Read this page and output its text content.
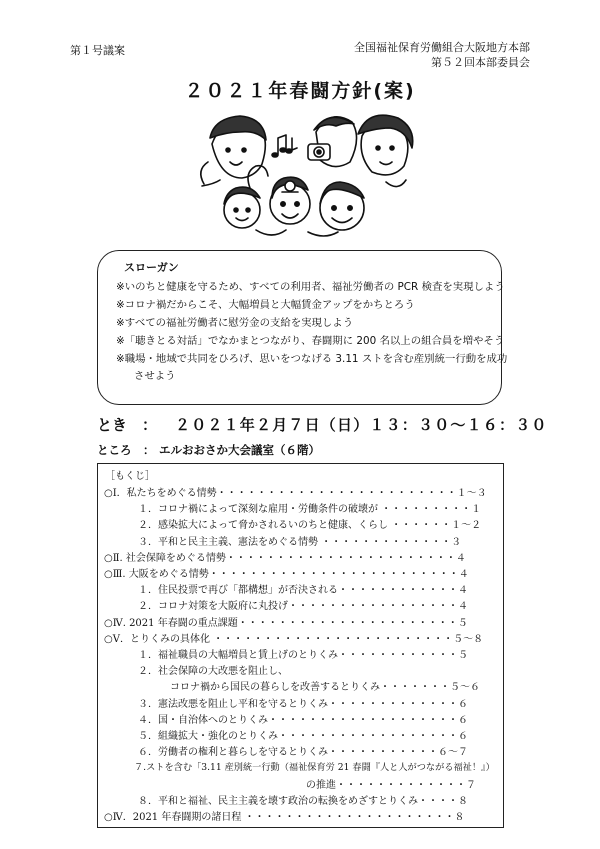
第１号議案	全国福祉保育労働組合大阪地方本部
第５２回本部委員会
２０２１年春闘方針(案)
スローガン
※いのちと健康を守るため、すべての利用者、福祉労働者の PCR 検査を実現しよう
※コロナ禍だからこそ、大幅増員と大幅賃金アップをかちとろう
※すべての福祉労働者に慰労金の支給を実現しよう
※「聴きとる対話」でなかまとつながり、春闘期に 200 名以上の組合員を増やそう
※職場・地域で共同をひろげ、思いをつなげる 3.11 ストを含む産別統一行動を成功
させよう
とき　： ２０２１年２月７日（日）１３：３０～１６：３０
ところ　： エルおおさか大会議室（６階）
［もくじ］
○Ⅰ．私たちをめぐる情勢・・・・・・・・・・・・・・・・・・・・・・・・１～３
１．コロナ禍によって深刻な雇用・労働条件の破壊が ・・・・・・・・・１
２．感染拡大によって脅かされるいのちと健康、くらし ・・・・・・１～２
３．平和と民主主義、憲法をめぐる情勢 ・・・・・・・・・・・・・３
○Ⅱ. 社会保障をめぐる情勢・・・・・・・・・・・・・・・・・・・・・・・４
○Ⅲ. 大阪をめぐる情勢・・・・・・・・・・・・・・・・・・・・・・・・・４
１．住民投票で再び「都構想」が否決される・・・・・・・・・・・・４
２．コロナ対策を大阪府に丸投げ・・・・・・・・・・・・・・・・・４
○Ⅳ. 2021 年春闘の重点課題・・・・・・・・・・・・・・・・・・・・・・５
○Ⅴ．とりくみの具体化 ・・・・・・・・・・・・・・・・・・・・・・・・５～８
１．福祉職員の大幅増員と賃上げのとりくみ・・・・・・・・・・・・５
２．社会保障の大改悪を阻止し、
コロナ禍から国民の暮らしを改善するとりくみ・・・・・・・５～６
３．憲法改悪を阻止し平和を守るとりくみ・・・・・・・・・・・・・６
４．国・自治体へのとりくみ・・・・・・・・・・・・・・・・・・・６
５．組織拡大・強化のとりくみ・・・・・・・・・・・・・・・・・・６
６．労働者の権利と暮らしを守るとりくみ・・・・・・・・・・・６～７
７.ストを含む「3.11 産別統一行動（福祉保育労 21 春闘『人と人がつながる福祉！』）
の推進・・・・・・・・・・・・・７
８．平和と福祉、民主主義を壊す政治の転換をめざすとりくみ・・・・８
○Ⅳ．2021 年春闘期の諸日程 ・・・・・・・・・・・・・・・・・・・・・８
